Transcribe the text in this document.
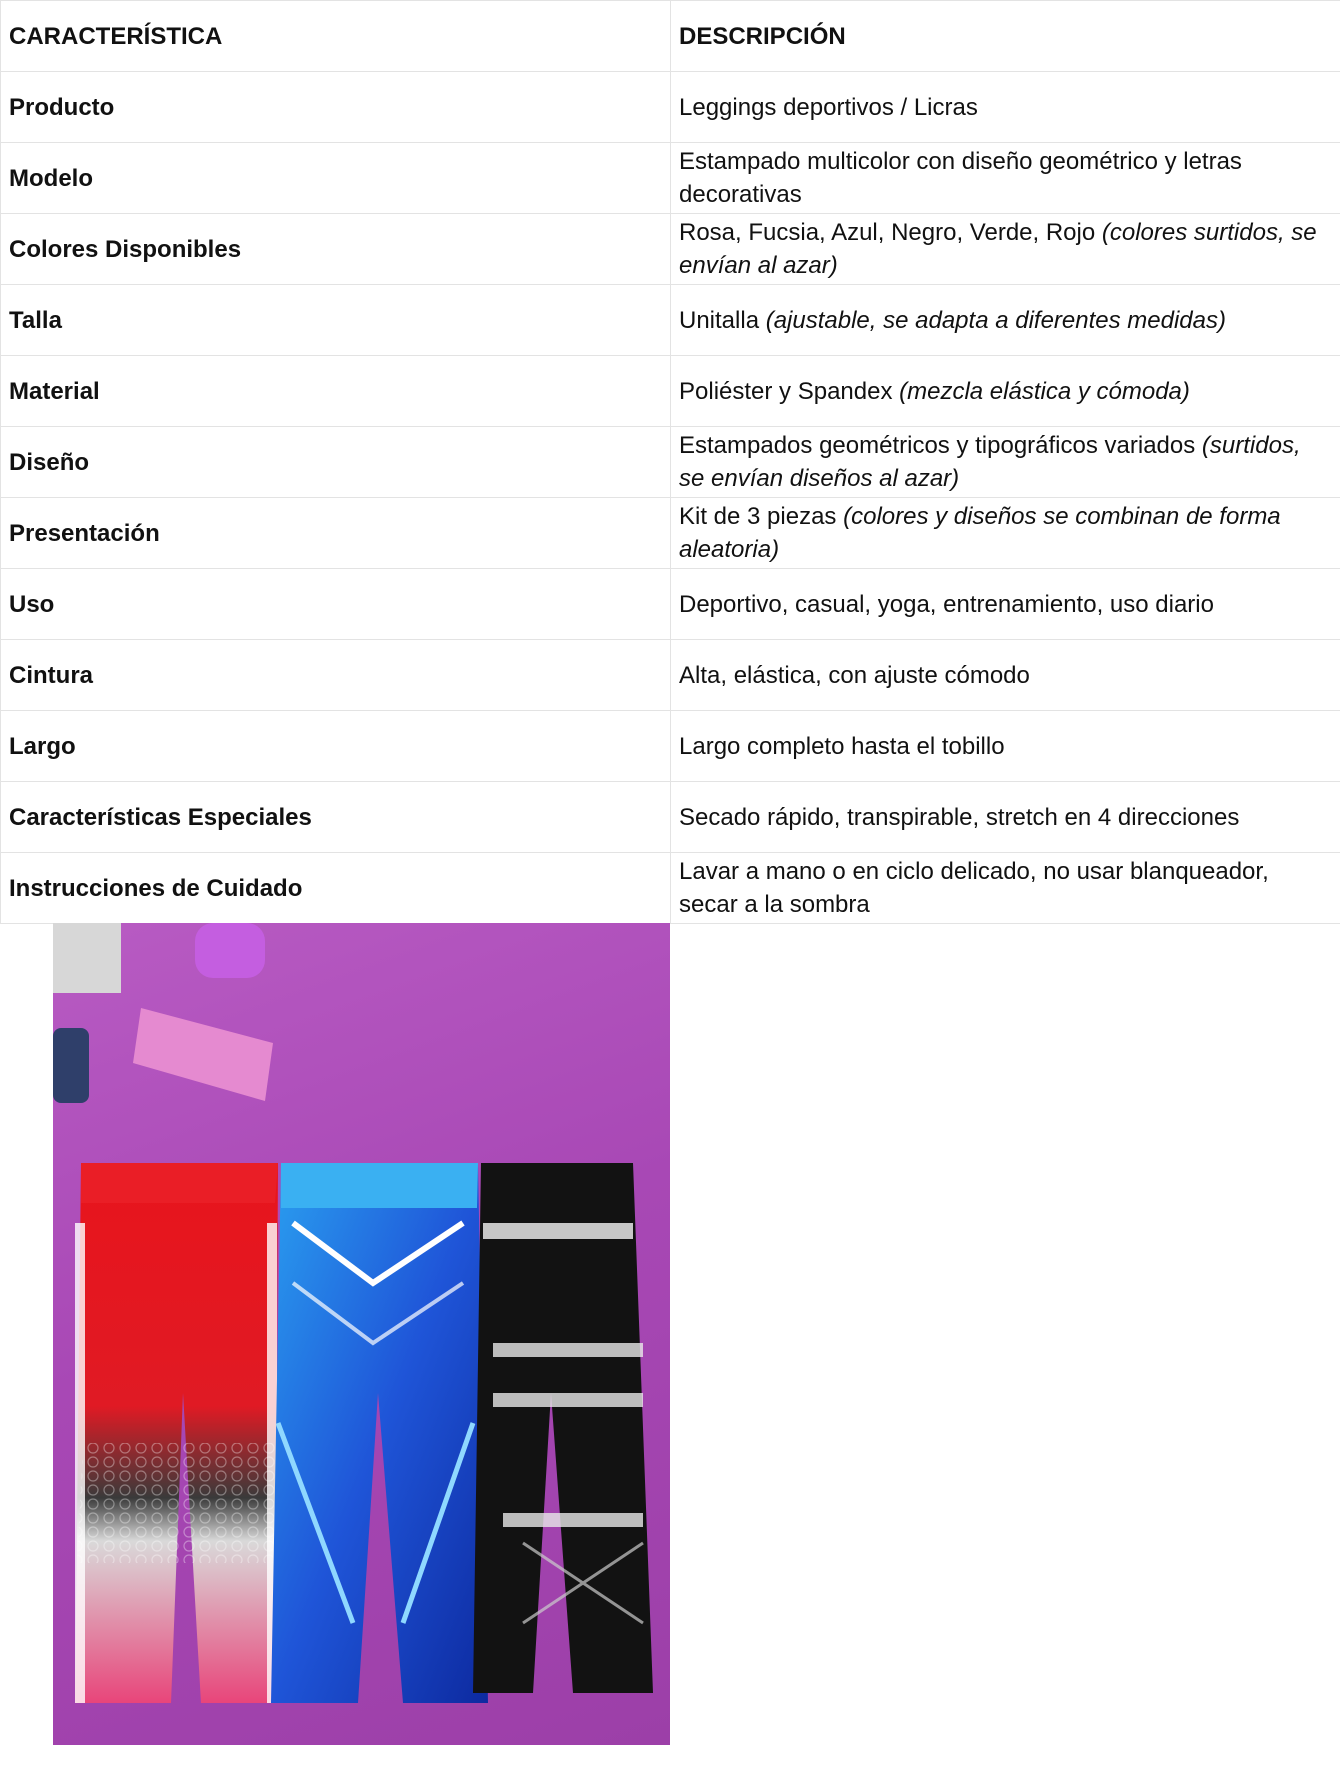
CARACTERÍSTICA	DESCRIPCIÓN
Producto	Leggings deportivos / Licras
Modelo	Estampado multicolor con diseño geométrico y letras decorativas
Colores Disponibles	Rosa, Fucsia, Azul, Negro, Verde, Rojo (colores surtidos, se envían al azar)
Talla	Unitalla (ajustable, se adapta a diferentes medidas)
Material	Poliéster y Spandex (mezcla elástica y cómoda)
Diseño	Estampados geométricos y tipográficos variados (surtidos, se envían diseños al azar)
Presentación	Kit de 3 piezas (colores y diseños se combinan de forma aleatoria)
Uso	Deportivo, casual, yoga, entrenamiento, uso diario
Cintura	Alta, elástica, con ajuste cómodo
Largo	Largo completo hasta el tobillo
Características Especiales	Secado rápido, transpirable, stretch en 4 direcciones
Instrucciones de Cuidado	Lavar a mano o en ciclo delicado, no usar blanqueador, secar a la sombra
